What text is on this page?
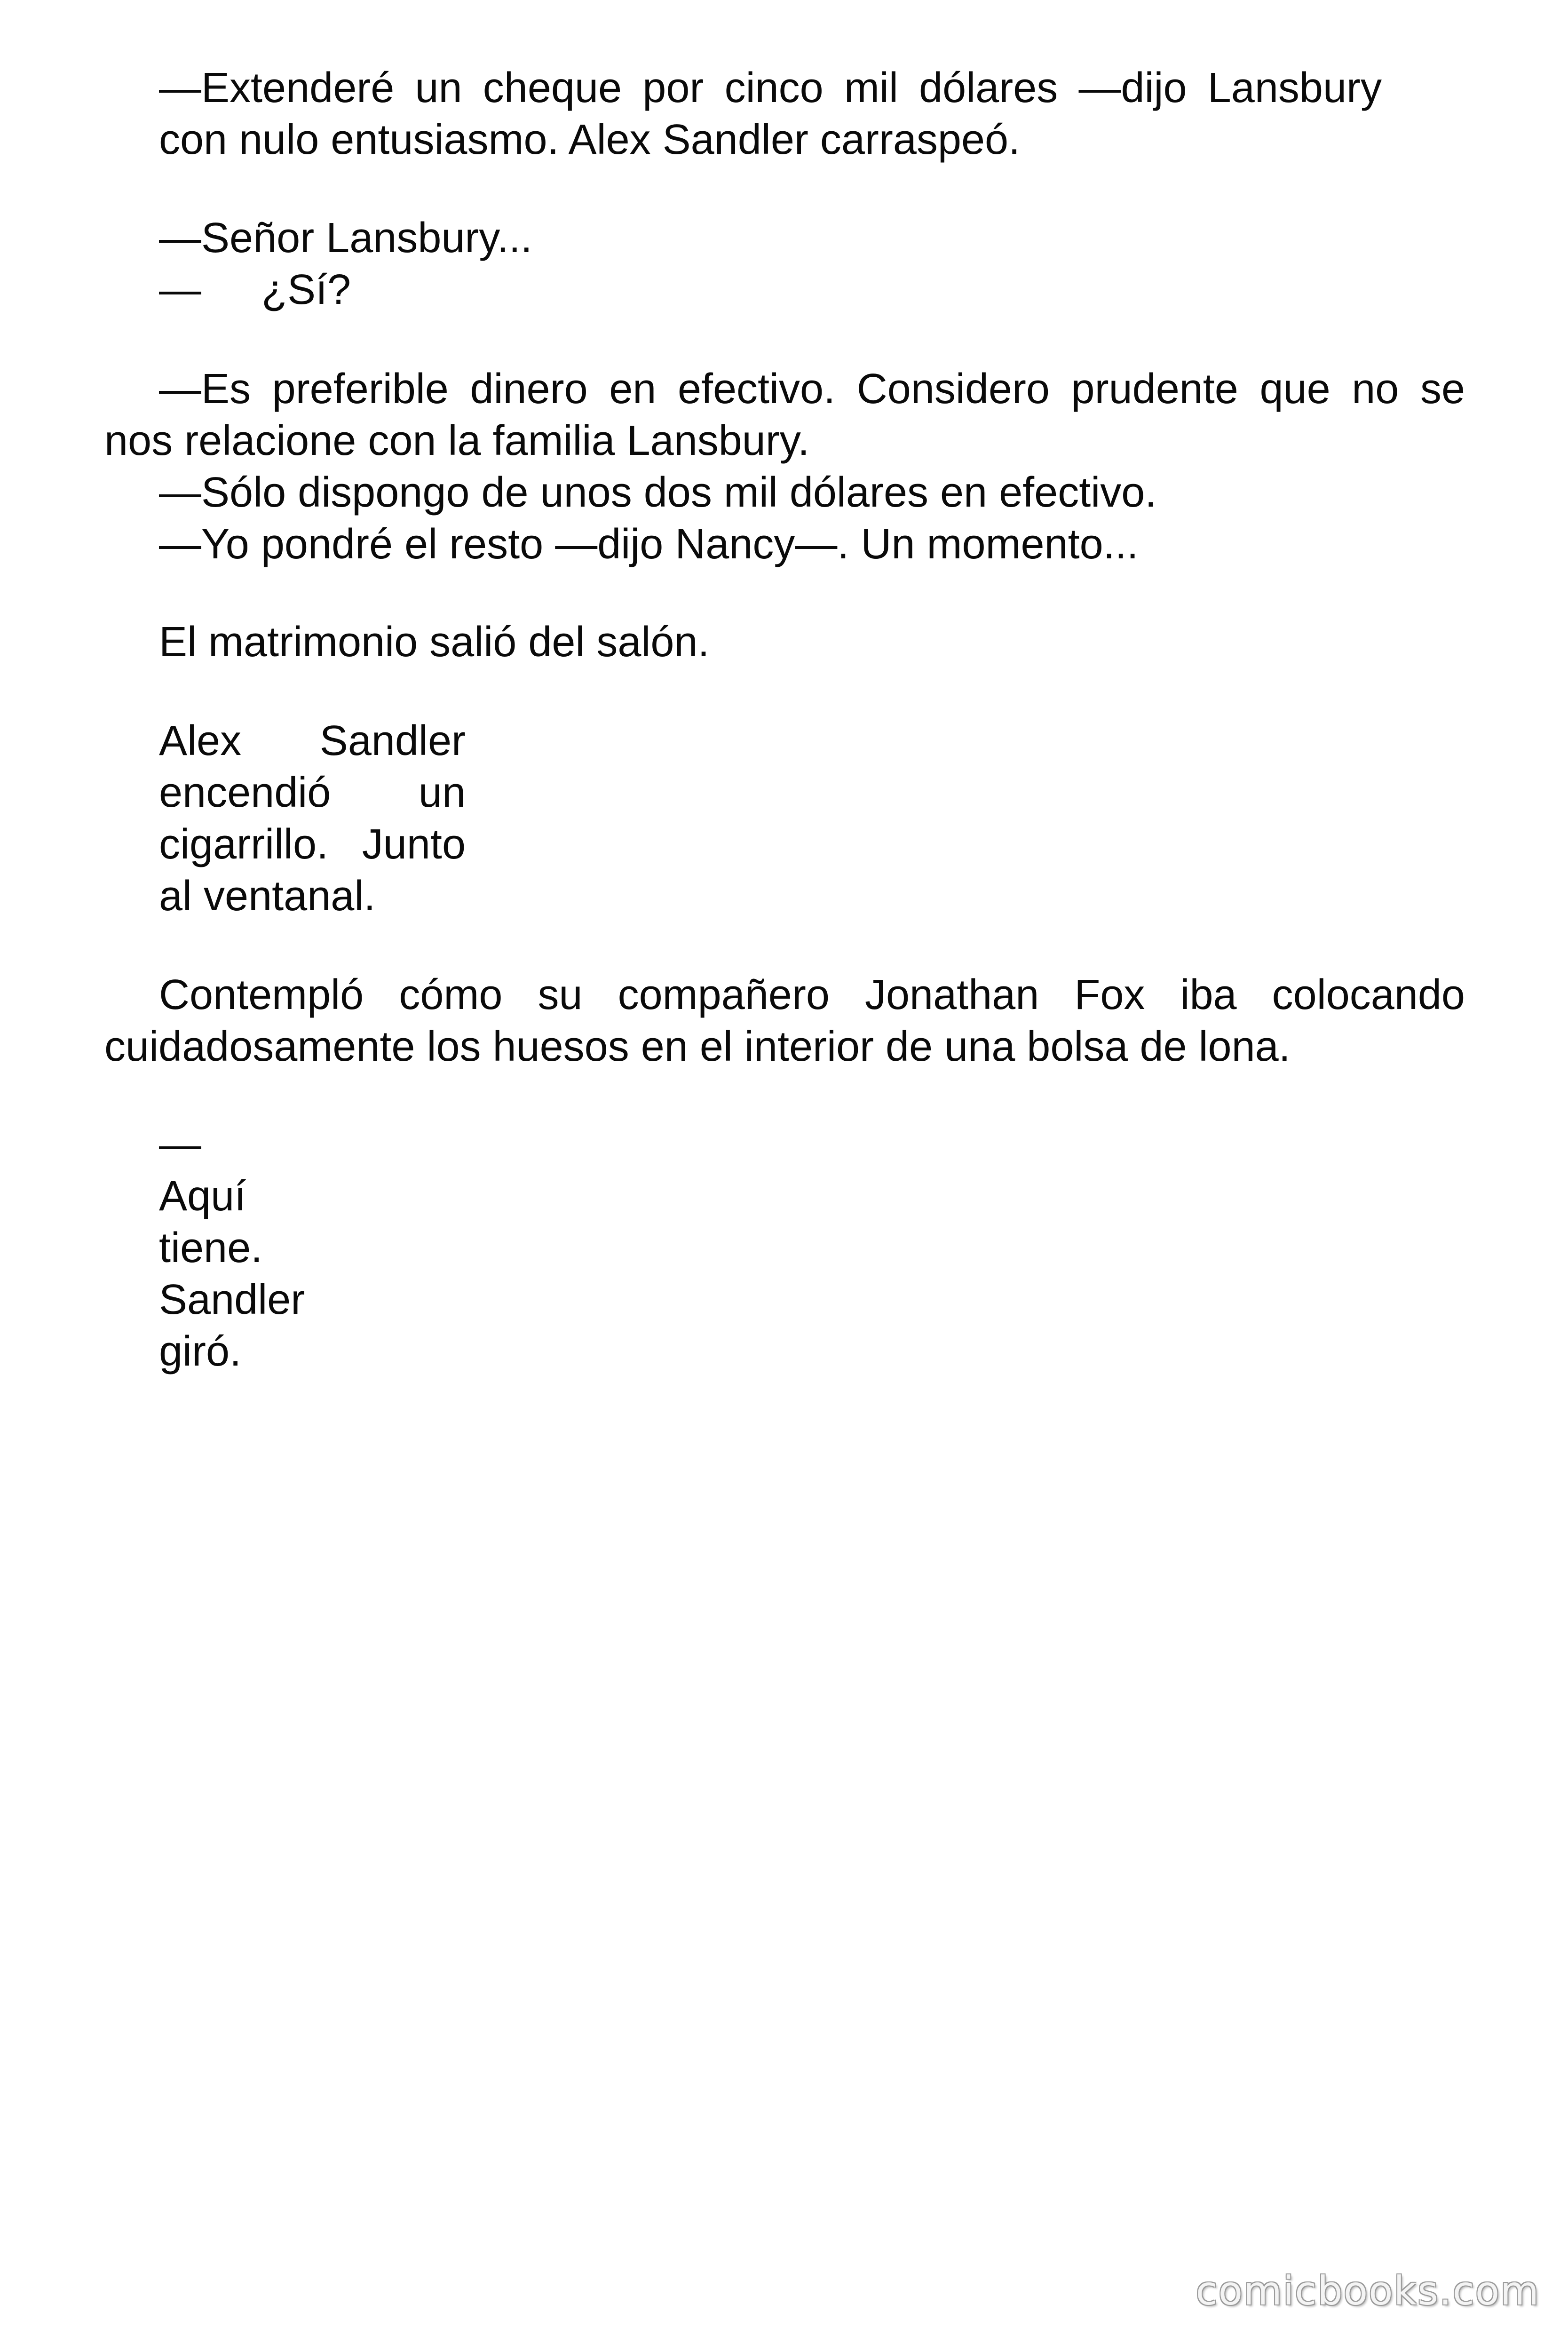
—Extenderé un cheque por cinco mil dólares —dijo Lansbury

con nulo entusiasmo. Alex Sandler carraspeó.

—Señor Lansbury...

— ¿Sí?

—Es preferible dinero en efectivo. Considero prudente que no se

nos relacione con la familia Lansbury.

—Sólo dispongo de unos dos mil dólares en efectivo.

—Yo pondré el resto —dijo Nancy—. Un momento...

El matrimonio salió del salón.

Alex Sandler

encendió un

cigarrillo. Junto

al ventanal.

Contempló cómo su compañero Jonathan Fox iba colocando

cuidadosamente los huesos en el interior de una bolsa de lona.

—

Aquí

tiene.

Sandler

giró.

comicbooks.com
